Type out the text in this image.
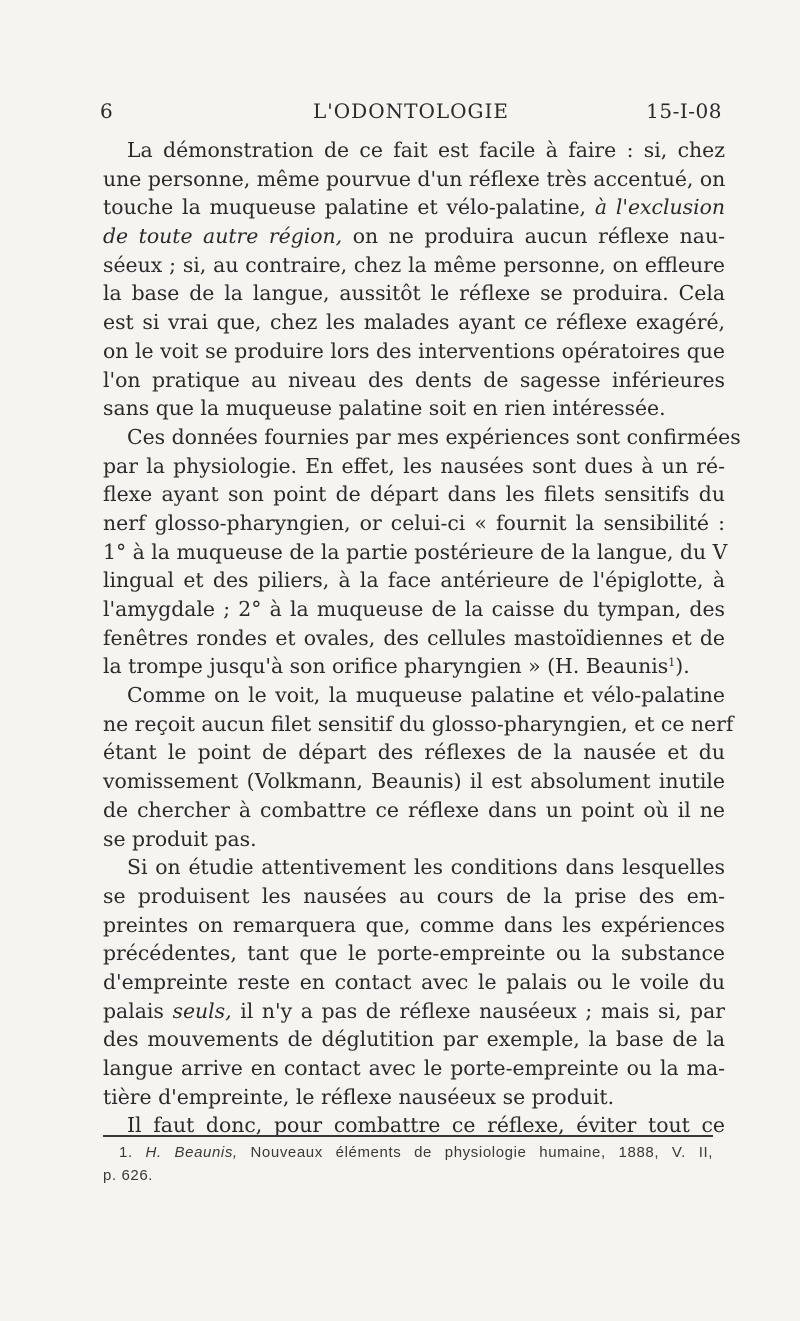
6	L'ODONTOLOGIE	15-I-08
La démonstration de ce fait est facile à faire : si, chez
une personne, même pourvue d'un réflexe très accentué, on
touche la muqueuse palatine et vélo-palatine, à l'exclusion
de toute autre région, on ne produira aucun réflexe nau-
séeux ; si, au contraire, chez la même personne, on effleure
la base de la langue, aussitôt le réflexe se produira. Cela
est si vrai que, chez les malades ayant ce réflexe exagéré,
on le voit se produire lors des interventions opératoires que
l'on pratique au niveau des dents de sagesse inférieures
sans que la muqueuse palatine soit en rien intéressée.
Ces données fournies par mes expériences sont confirmées
par la physiologie. En effet, les nausées sont dues à un ré-
flexe ayant son point de départ dans les filets sensitifs du
nerf glosso-pharyngien, or celui-ci « fournit la sensibilité :
1° à la muqueuse de la partie postérieure de la langue, du V
lingual et des piliers, à la face antérieure de l'épiglotte, à
l'amygdale ; 2° à la muqueuse de la caisse du tympan, des
fenêtres rondes et ovales, des cellules mastoïdiennes et de
la trompe jusqu'à son orifice pharyngien » (H. Beaunis$^1$).
Comme on le voit, la muqueuse palatine et vélo-palatine
ne reçoit aucun filet sensitif du glosso-pharyngien, et ce nerf
étant le point de départ des réflexes de la nausée et du
vomissement (Volkmann, Beaunis) il est absolument inutile
de chercher à combattre ce réflexe dans un point où il ne
se produit pas.
Si on étudie attentivement les conditions dans lesquelles
se produisent les nausées au cours de la prise des em-
preintes on remarquera que, comme dans les expériences
précédentes, tant que le porte-empreinte ou la substance
d'empreinte reste en contact avec le palais ou le voile du
palais seuls, il n'y a pas de réflexe nauséeux ; mais si, par
des mouvements de déglutition par exemple, la base de la
langue arrive en contact avec le porte-empreinte ou la ma-
tière d'empreinte, le réflexe nauséeux se produit.
Il faut donc, pour combattre ce réflexe, éviter tout ce
1. H. Beaunis, Nouveaux éléments de physiologie humaine, 1888, V. II,
p. 626.
